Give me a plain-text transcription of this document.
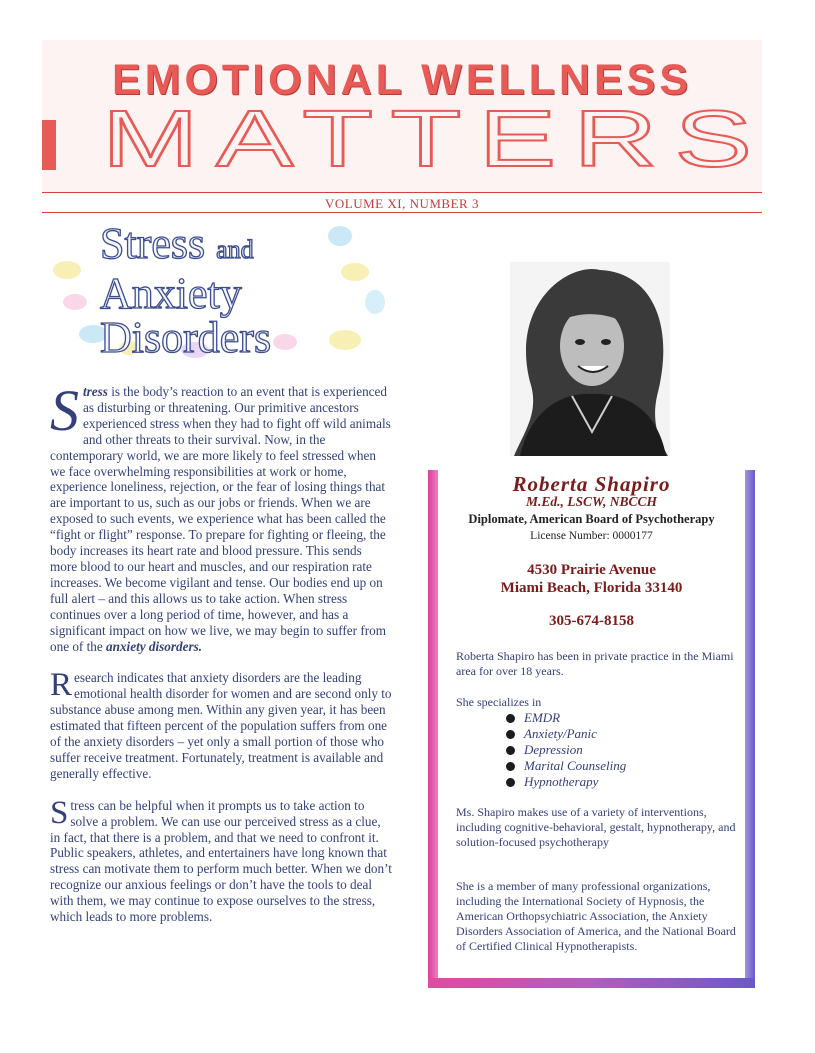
EMOTIONAL WELLNESS
MATTERS
VOLUME XI, NUMBER 3
Stress and
Anxiety
Disorders

Stress is the body’s reaction to an event that is experienced as disturbing or threatening. Our primitive ancestors experienced stress when they had to fight off wild animals and other threats to their survival. Now, in the contemporary world, we are more likely to feel stressed when we face overwhelming responsibilities at work or home, experience loneliness, rejection, or the fear of losing things that are important to us, such as our jobs or friends. When we are exposed to such events, we experience what has been called the “fight or flight” response. To prepare for fighting or fleeing, the body increases its heart rate and blood pressure. This sends more blood to our heart and muscles, and our respiration rate increases. We become vigilant and tense. Our bodies end up on full alert – and this allows us to take action. When stress continues over a long period of time, however, and has a significant impact on how we live, we may begin to suffer from one of the anxiety disorders.

Research indicates that anxiety disorders are the leading emotional health disorder for women and are second only to substance abuse among men. Within any given year, it has been estimated that fifteen percent of the population suffers from one of the anxiety disorders – yet only a small portion of those who suffer receive treatment. Fortunately, treatment is available and generally effective.

Stress can be helpful when it prompts us to take action to solve a problem. We can use our perceived stress as a clue, in fact, that there is a problem, and that we need to confront it. Public speakers, athletes, and entertainers have long known that stress can motivate them to perform much better. When we don’t recognize our anxious feelings or don’t have the tools to deal with them, we may continue to expose ourselves to the stress, which leads to more problems.

Roberta Shapiro
M.Ed., LSCW, NBCCH
Diplomate, American Board of Psychotherapy
License Number: 0000177
4530 Prairie Avenue
Miami Beach, Florida 33140
305-674-8158
Roberta Shapiro has been in private practice in the Miami area for over 18 years.
She specializes in
EMDR
Anxiety/Panic
Depression
Marital Counseling
Hypnotherapy
Ms. Shapiro makes use of a variety of interventions, including cognitive-behavioral, gestalt, hypnotherapy, and solution-focused psychotherapy
She is a member of many professional organizations, including the International Society of Hypnosis, the American Orthopsychiatric Association, the Anxiety Disorders Association of America, and the National Board of Certified Clinical Hypnotherapists.
